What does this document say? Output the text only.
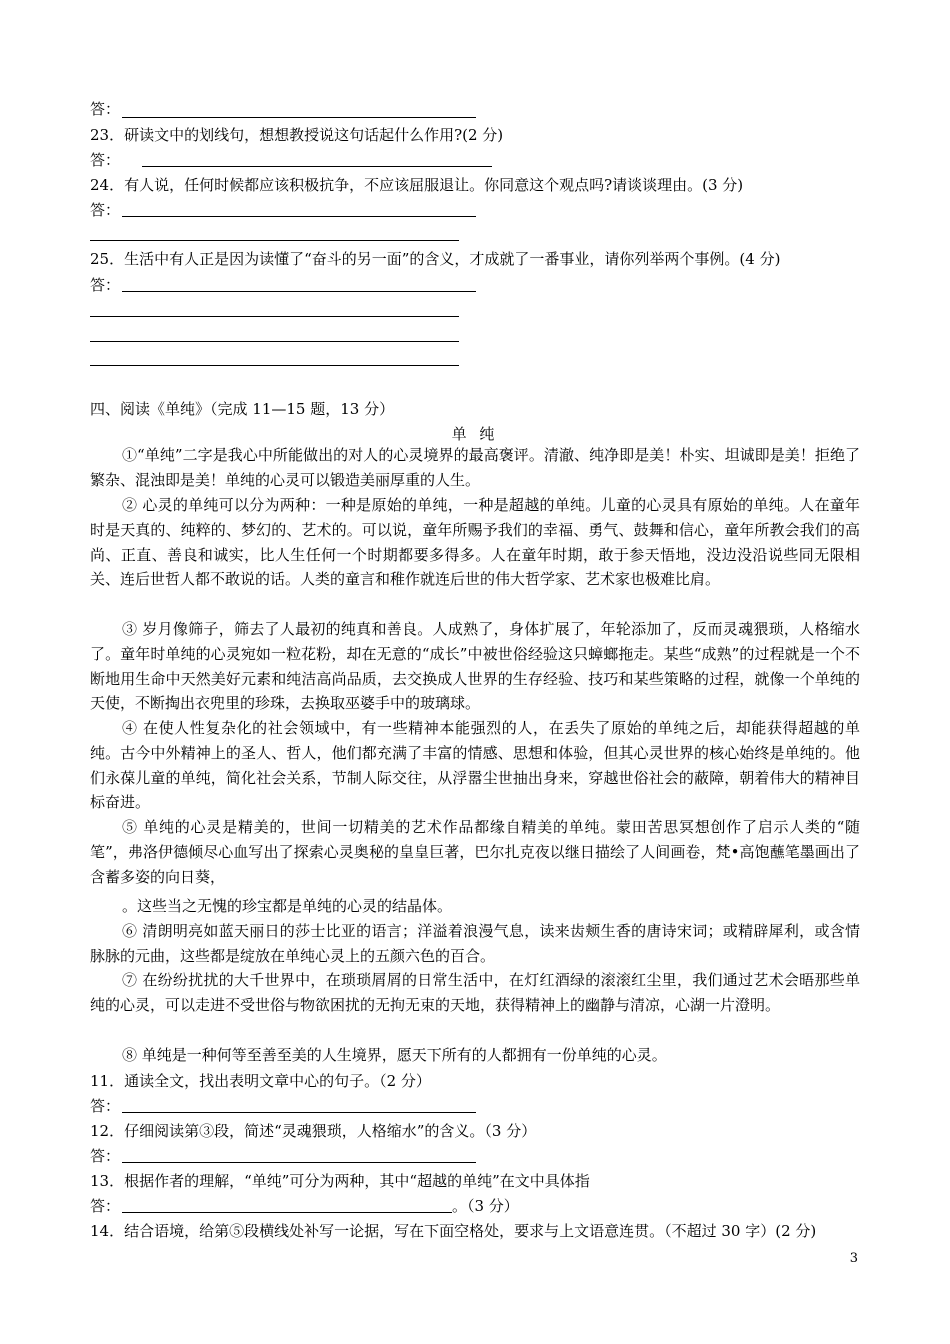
答：
23．研读文中的划线句，想想教授说这句话起什么作用?(2 分)
答：
24．有人说，任何时候都应该积极抗争，不应该屈服退让。你同意这个观点吗?请谈谈理由。(3 分)
答：
25．生活中有人正是因为读懂了“奋斗的另一面”的含义，才成就了一番事业，请你列举两个事例。(4 分)
答：
四、阅读《单纯》（完成 11—15 题，13 分）
单 纯
①“单纯”二字是我心中所能做出的对人的心灵境界的最高褒评。清澈、纯净即是美！朴实、坦诚即是美！拒绝了繁杂、混浊即是美！单纯的心灵可以锻造美丽厚重的人生。
② 心灵的单纯可以分为两种：一种是原始的单纯，一种是超越的单纯。儿童的心灵具有原始的单纯。人在童年时是天真的、纯粹的、梦幻的、艺术的。可以说，童年所赐予我们的幸福、勇气、鼓舞和信心，童年所教会我们的高尚、正直、善良和诚实，比人生任何一个时期都要多得多。人在童年时期，敢于参天悟地，没边没沿说些同无限相关、连后世哲人都不敢说的话。人类的童言和稚作就连后世的伟大哲学家、艺术家也极难比肩。
③ 岁月像筛子，筛去了人最初的纯真和善良。人成熟了，身体扩展了，年轮添加了，反而灵魂猥琐，人格缩水了。童年时单纯的心灵宛如一粒花粉，却在无意的“成长”中被世俗经验这只蟑螂拖走。某些“成熟”的过程就是一个不断地用生命中天然美好元素和纯洁高尚品质，去交换成人世界的生存经验、技巧和某些策略的过程，就像一个单纯的天使，不断掏出衣兜里的珍珠，去换取巫婆手中的玻璃球。
④ 在使人性复杂化的社会领域中，有一些精神本能强烈的人，在丢失了原始的单纯之后，却能获得超越的单纯。古今中外精神上的圣人、哲人，他们都充满了丰富的情感、思想和体验，但其心灵世界的核心始终是单纯的。他们永葆儿童的单纯，简化社会关系，节制人际交往，从浮嚣尘世抽出身来，穿越世俗社会的蔽障，朝着伟大的精神目标奋进。
⑤ 单纯的心灵是精美的，世间一切精美的艺术作品都缘自精美的单纯。蒙田苦思冥想创作了启示人类的“随笔”，弗洛伊德倾尽心血写出了探索心灵奥秘的皇皇巨著，巴尔扎克夜以继日描绘了人间画卷，梵•高饱蘸笔墨画出了含蓄多姿的向日葵，
。这些当之无愧的珍宝都是单纯的心灵的结晶体。
⑥ 清朗明亮如蓝天丽日的莎士比亚的语言；洋溢着浪漫气息，读来齿颊生香的唐诗宋词；或精辟犀利，或含情脉脉的元曲，这些都是绽放在单纯心灵上的五颜六色的百合。
⑦ 在纷纷扰扰的大千世界中，在琐琐屑屑的日常生活中，在灯红酒绿的滚滚红尘里，我们通过艺术会晤那些单纯的心灵，可以走进不受世俗与物欲困扰的无拘无束的天地，获得精神上的幽静与清凉，心湖一片澄明。
⑧ 单纯是一种何等至善至美的人生境界，愿天下所有的人都拥有一份单纯的心灵。
11．通读全文，找出表明文章中心的句子。（2 分）
答：
12．仔细阅读第③段，简述“灵魂猥琐，人格缩水”的含义。（3 分）
答：
13．根据作者的理解，“单纯”可分为两种，其中“超越的单纯”在文中具体指
答：	。（3 分）
14．结合语境，给第⑤段横线处补写一论据，写在下面空格处，要求与上文语意连贯。（不超过 30 字）(2 分)
3
